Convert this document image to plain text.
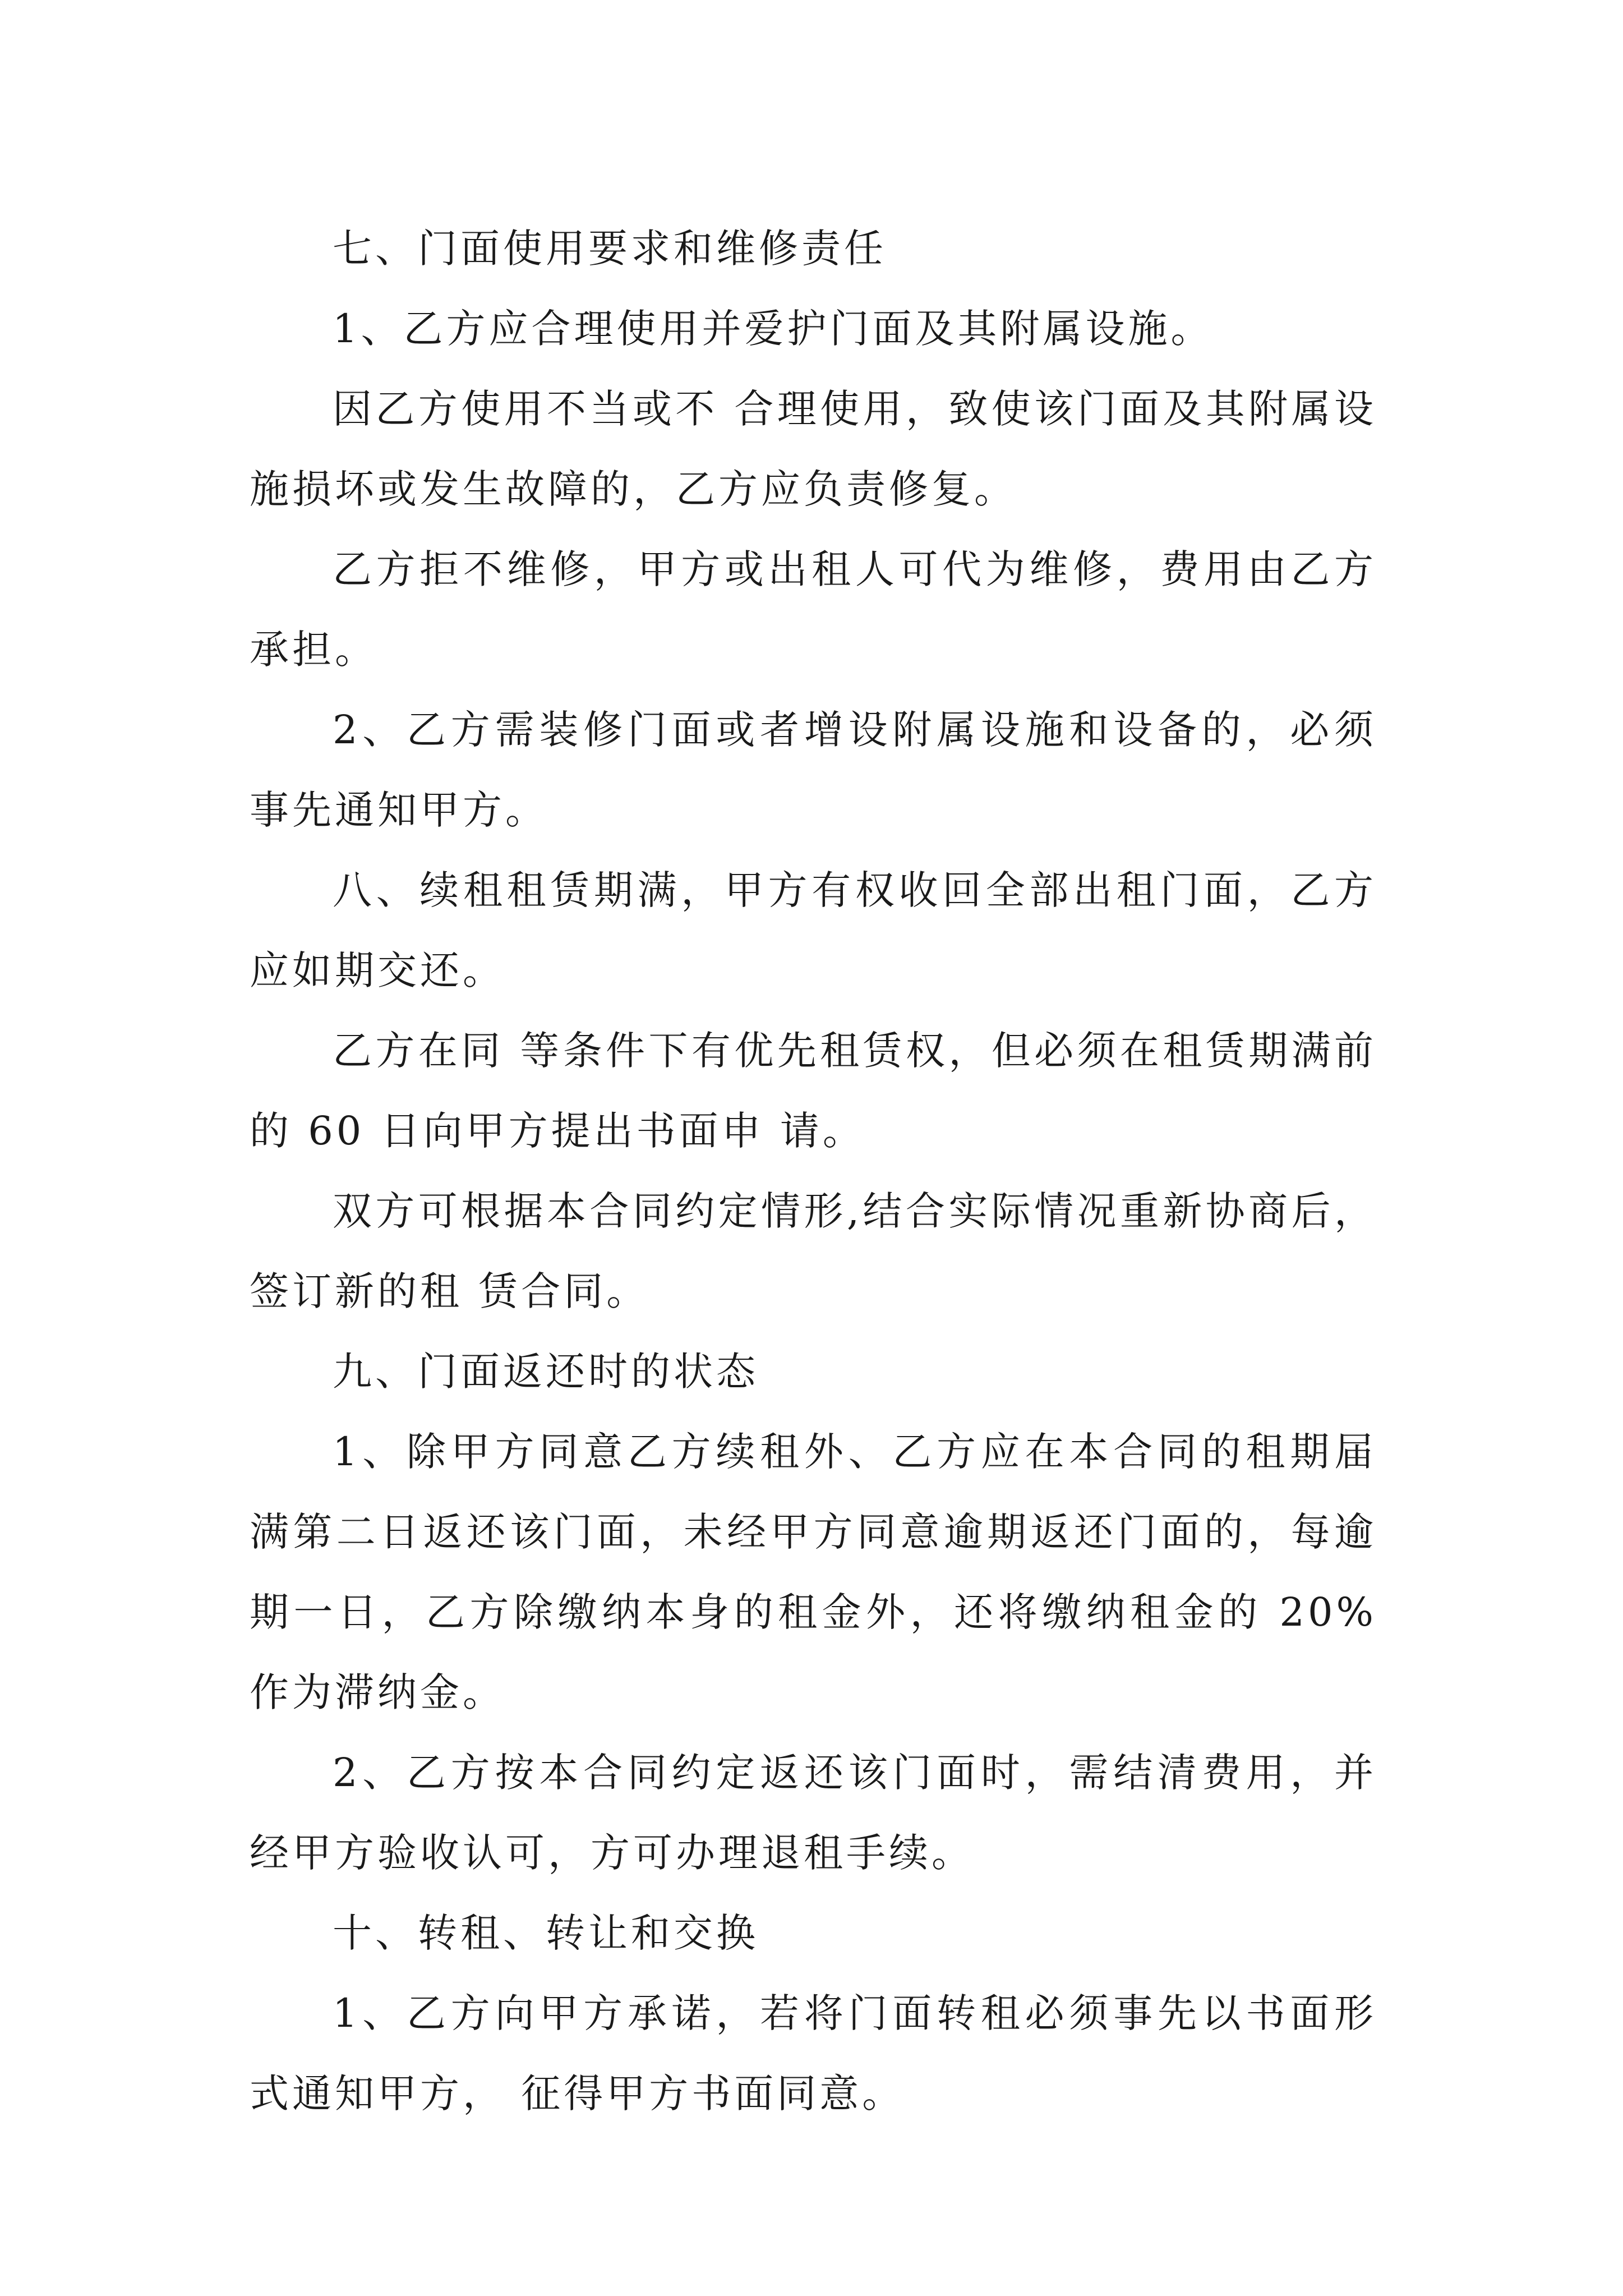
七、门面使用要求和维修责任

1、乙方应合理使用并爱护门面及其附属设施。

因乙方使用不当或不 合理使用，致使该门面及其附属设施损坏或发生故障的，乙方应负责修复。

乙方拒不维修，甲方或出租人可代为维修，费用由乙方承担。

2、乙方需装修门面或者增设附属设施和设备的，必须事先通知甲方。

八、续租租赁期满，甲方有权收回全部出租门面，乙方应如期交还。

乙方在同 等条件下有优先租赁权，但必须在租赁期满前的 60 日向甲方提出书面申 请。

双方可根据本合同约定情形,结合实际情况重新协商后，签订新的租 赁合同。

九、门面返还时的状态

1、除甲方同意乙方续租外、乙方应在本合同的租期届满第二日返还该门面，未经甲方同意逾期返还门面的，每逾期一日，乙方除缴纳本身的租金外，还将缴纳租金的 20%作为滞纳金。

2、乙方按本合同约定返还该门面时，需结清费用，并经甲方验收认可，方可办理退租手续。

十、转租、转让和交换

1、乙方向甲方承诺，若将门面转租必须事先以书面形式通知甲方， 征得甲方书面同意。
